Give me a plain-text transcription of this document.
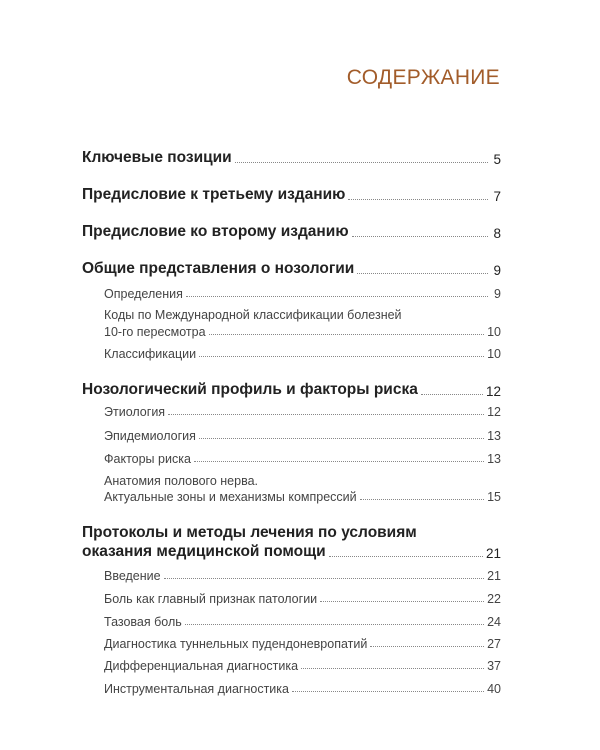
СОДЕРЖАНИЕ
Ключевые позиции	5
Предисловие к третьему изданию	7
Предисловие ко второму изданию	8
Общие представления о нозологии	9
Определения	9
Коды по Международной классификации болезней
10-го пересмотра	10
Классификации	10
Нозологический профиль и факторы риска	12
Этиология	12
Эпидемиология	13
Факторы риска	13
Анатомия полового нерва.
Актуальные зоны и механизмы компрессий	15
Протоколы и методы лечения по условиям
оказания медицинской помощи	21
Введение	21
Боль как главный признак патологии	22
Тазовая боль	24
Диагностика туннельных пудендоневропатий	27
Дифференциальная диагностика	37
Инструментальная диагностика	40
